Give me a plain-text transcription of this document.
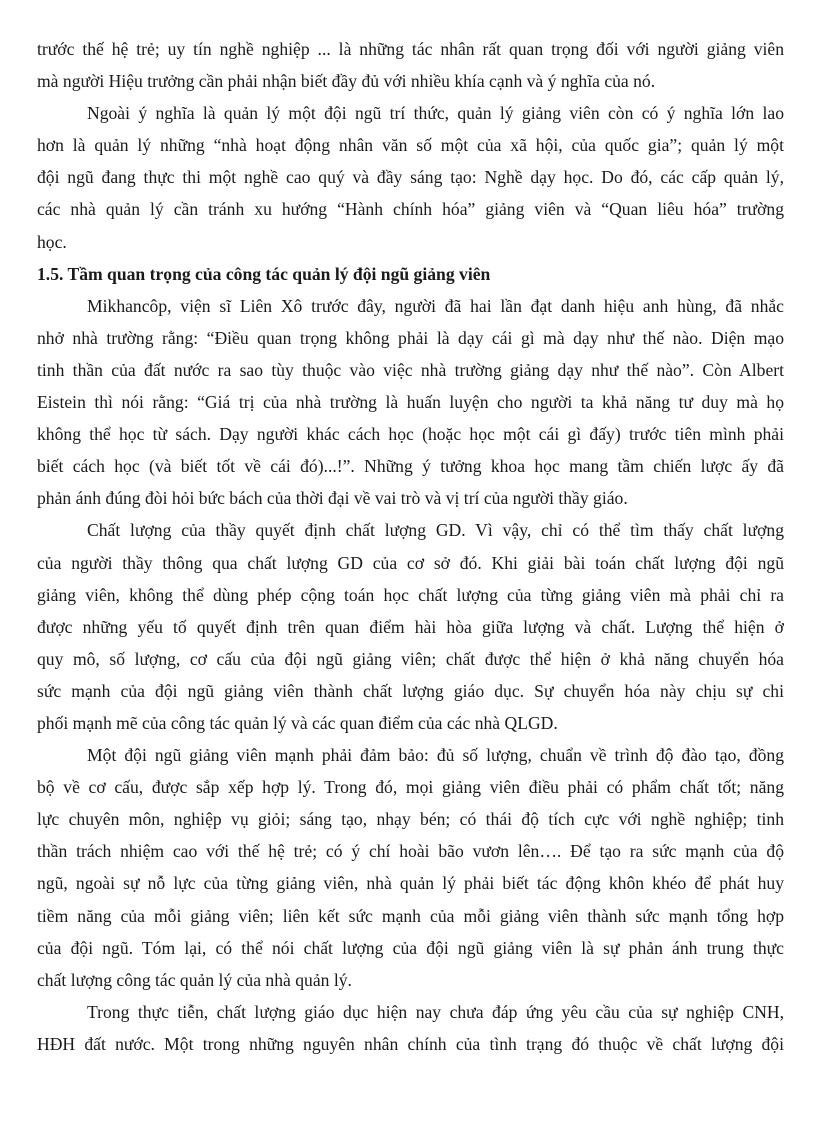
trước thế hệ trẻ; uy tín nghề nghiệp ... là những tác nhân rất quan trọng đối với người giảng viên
mà người Hiệu trưởng cần phải nhận biết đầy đủ với nhiều khía cạnh và ý nghĩa của nó.
Ngoài ý nghĩa là quản lý một đội ngũ trí thức, quản lý giảng viên còn có ý nghĩa lớn lao
hơn là quản lý những “nhà hoạt động nhân văn số một của xã hội, của quốc gia”; quản lý một
đội ngũ đang thực thi một nghề cao quý và đầy sáng tạo: Nghề dạy học. Do đó, các cấp quản lý,
các nhà quản lý cần tránh xu hướng “Hành chính hóa” giảng viên và “Quan liêu hóa” trường
học.
1.5. Tầm quan trọng của công tác quản lý đội ngũ giảng viên
Mikhancôp, viện sĩ Liên Xô trước đây, người đã hai lần đạt danh hiệu anh hùng, đã nhắc
nhở nhà trường rằng: “Điều quan trọng không phải là dạy cái gì mà dạy như thế nào. Diện mạo
tinh thần của đất nước ra sao tùy thuộc vào việc nhà trường giảng dạy như thế nào”. Còn Albert
Eistein thì nói rằng: “Giá trị của nhà trường là huấn luyện cho người ta khả năng tư duy mà họ
không thể học từ sách. Dạy người khác cách học (hoặc học một cái gì đấy) trước tiên mình phải
biết cách học (và biết tốt về cái đó)...!”. Những ý tưởng khoa học mang tầm chiến lược ấy đã
phản ánh đúng đòi hỏi bức bách của thời đại về vai trò và vị trí của người thầy giáo.
Chất lượng của thầy quyết định chất lượng GD. Vì vậy, chỉ có thể tìm thấy chất lượng
của người thầy thông qua chất lượng GD của cơ sở đó. Khi giải bài toán chất lượng đội ngũ
giảng viên, không thể dùng phép cộng toán học chất lượng của từng giảng viên mà phải chỉ ra
được những yếu tố quyết định trên quan điểm hài hòa giữa lượng và chất. Lượng thể hiện ở
quy mô, số lượng, cơ cấu của đội ngũ giảng viên; chất được thể hiện ở khả năng chuyển hóa
sức mạnh của đội ngũ giảng viên thành chất lượng giáo dục. Sự chuyển hóa này chịu sự chi
phối mạnh mẽ của công tác quản lý và các quan điểm của các nhà QLGD.
Một đội ngũ giảng viên mạnh phải đảm bảo: đủ số lượng, chuẩn về trình độ đào tạo, đồng
bộ về cơ cấu, được sắp xếp hợp lý. Trong đó, mọi giảng viên điều phải có phẩm chất tốt; năng
lực chuyên môn, nghiệp vụ giỏi; sáng tạo, nhạy bén; có thái độ tích cực với nghề nghiệp; tinh
thần trách nhiệm cao với thế hệ trẻ; có ý chí hoài bão vươn lên…. Để tạo ra sức mạnh của độ
ngũ, ngoài sự nỗ lực của từng giảng viên, nhà quản lý phải biết tác động khôn khéo để phát huy
tiềm năng của mỗi giảng viên; liên kết sức mạnh của mỗi giảng viên thành sức mạnh tổng hợp
của đội ngũ. Tóm lại, có thể nói chất lượng của đội ngũ giảng viên là sự phản ánh trung thực
chất lượng công tác quản lý của nhà quản lý.
Trong thực tiễn, chất lượng giáo dục hiện nay chưa đáp ứng yêu cầu của sự nghiệp CNH,
HĐH đất nước. Một trong những nguyên nhân chính của tình trạng đó thuộc về chất lượng đội
